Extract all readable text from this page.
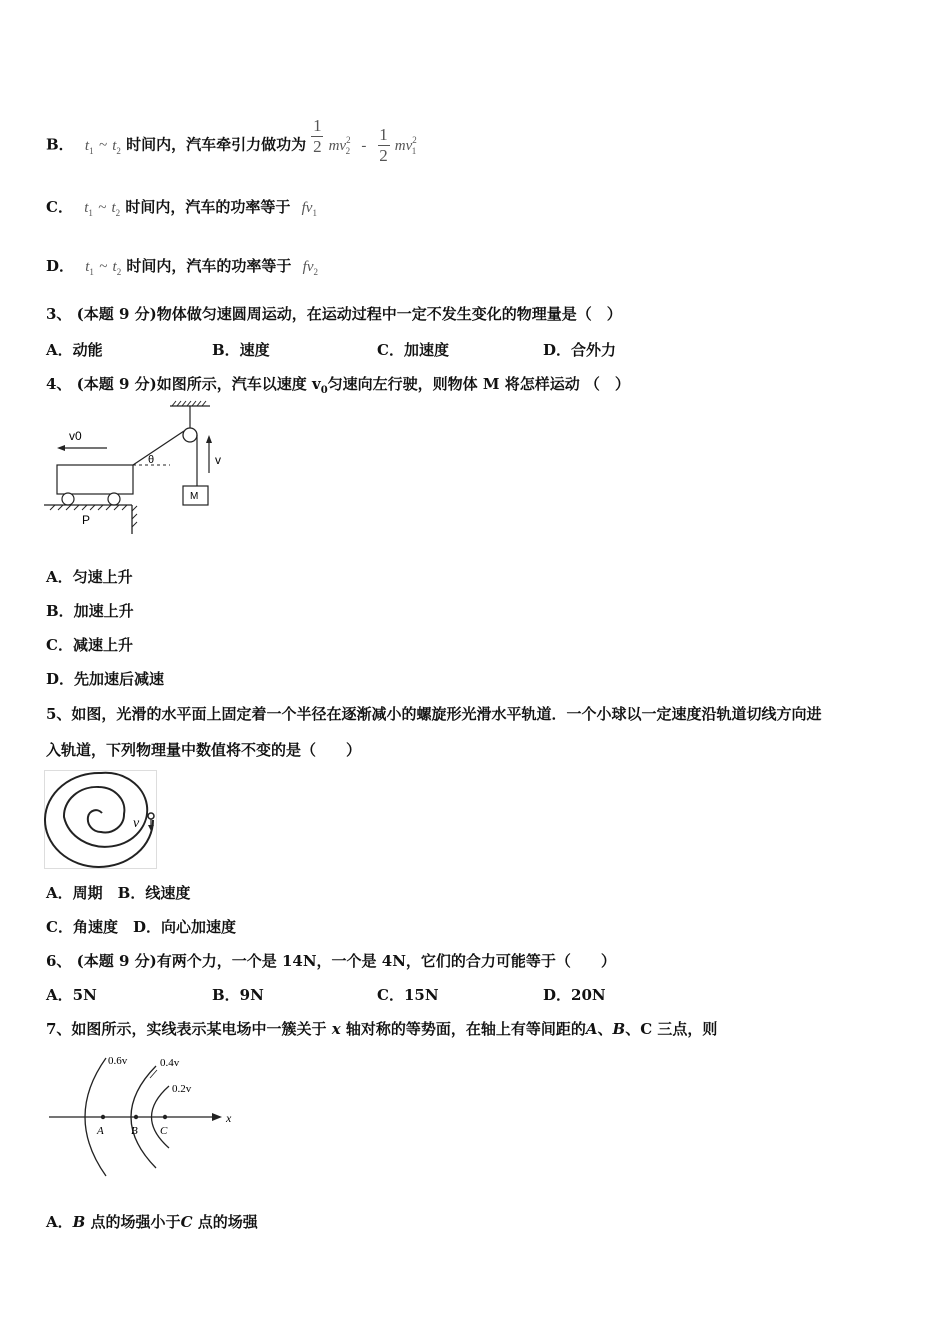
B． $t_1$ ~ $t_2$ 时间内，汽车牵引力做功为 $\frac{1}{2} mv^2_2 - \frac{1}{2} mv^2_1$
C． $t_1$ ~ $t_2$ 时间内，汽车的功率等于 $fv_1$
D． $t_1$ ~ $t_2$ 时间内，汽车的功率等于 $fv_2$
3、 (本题 9 分)物体做匀速圆周运动，在运动过程中一定不发生变化的物理量是（　）
A．动能	B．速度	C．加速度	D．合外力
4、 (本题 9 分)如图所示，汽车以速度 $v_0$匀速向左行驶，则物体 M 将怎样运动 （　）
M
v
θ
v0
P
A．匀速上升
B．加速上升
C．减速上升
D．先加速后减速
5、如图，光滑的水平面上固定着一个半径在逐渐减小的螺旋形光滑水平轨道．一个小球以一定速度沿轨道切线方向进
入轨道，下列物理量中数值将不变的是（　　）
v
A．周期　B．线速度
C．角速度　D．向心加速度
6、 (本题 9 分)有两个力，一个是 14N，一个是 4N，它们的合力可能等于（　　）
A．5N	B．9N	C．15N	D．20N
7、如图所示，实线表示某电场中一簇关于 x 轴对称的等势面，在轴上有等间距的A、B、C 三点，则
x
0.6v	0.4v
0.2v
A B C
A．B 点的场强小于C 点的场强
